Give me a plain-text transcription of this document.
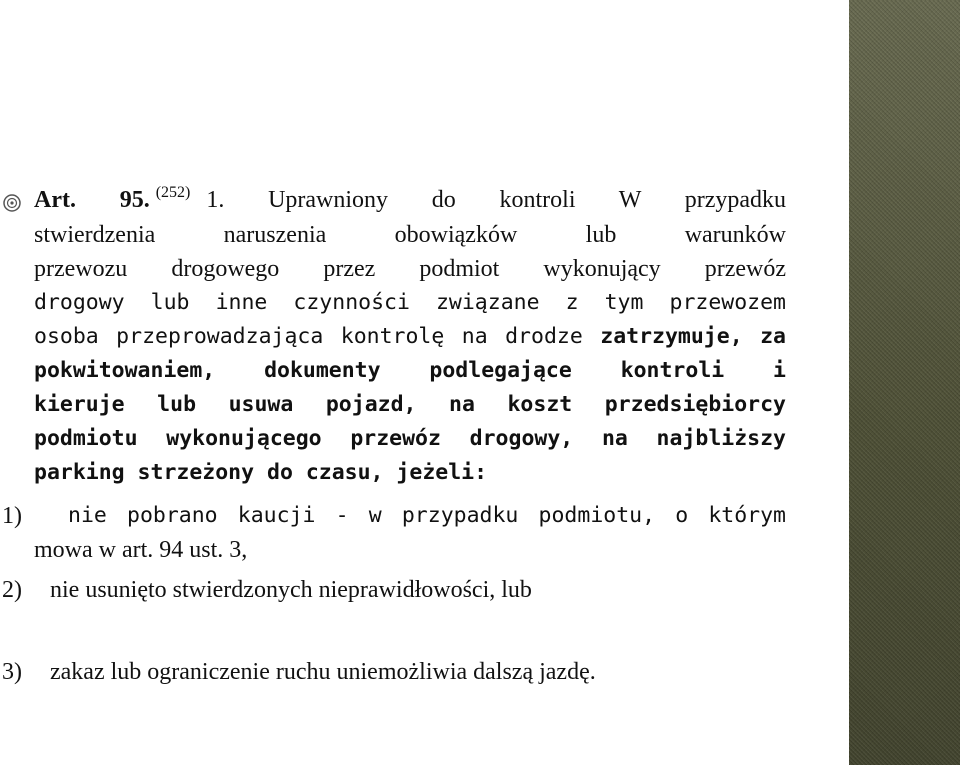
Art. 95. $^{(252)}$ 1. Uprawniony do kontroli W przypadku
stwierdzenia naruszenia obowiązków lub warunków
przewozu drogowego przez podmiot wykonujący przewóz
drogowy lub inne czynności związane z tym przewozem
osoba przeprowadzająca kontrolę na drodze zatrzymuje, za
pokwitowaniem, dokumenty podlegające kontroli i
kieruje lub usuwa pojazd, na koszt przedsiębiorcy
podmiotu wykonującego przewóz drogowy, na najbliższy
parking strzeżony do czasu, jeżeli:
1) nie pobrano kaucji - w przypadku podmiotu, o którym
mowa w art. 94 ust. 3,
2) nie usunięto stwierdzonych nieprawidłowości, lub
3) zakaz lub ograniczenie ruchu uniemożliwia dalszą jazdę.
